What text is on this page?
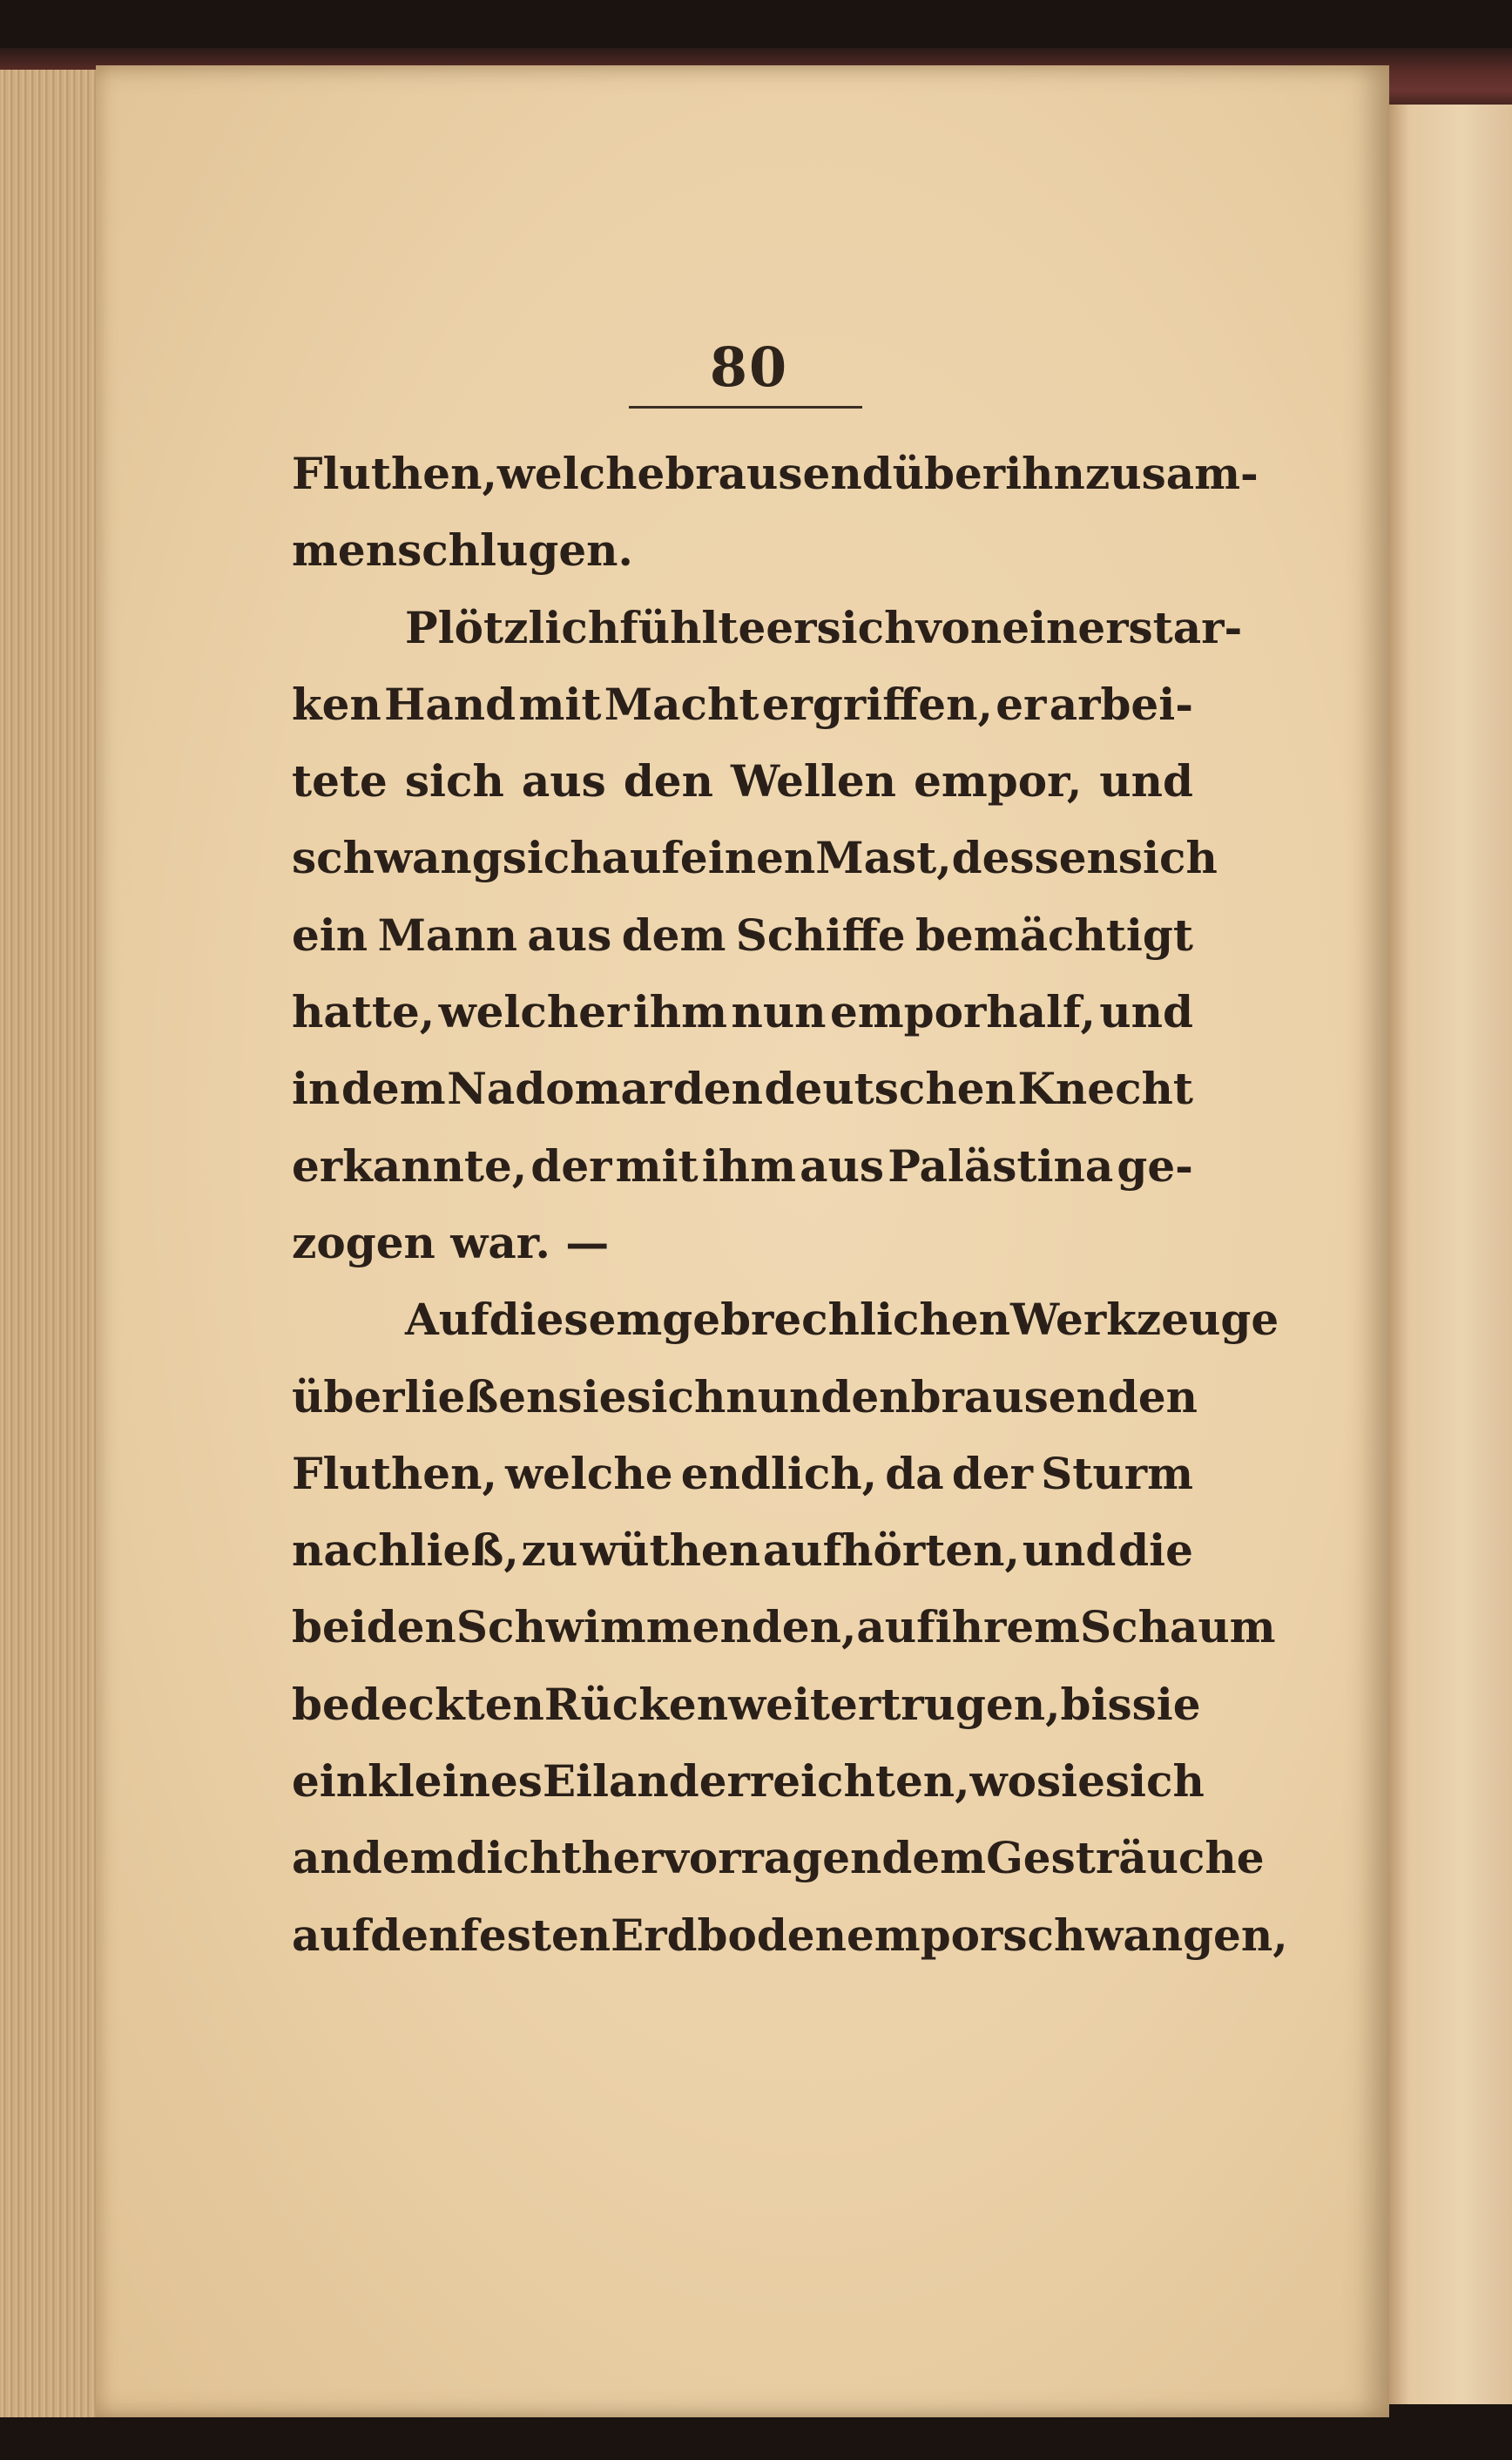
80
Fluthen, welche brausend über ihn zusam-
menschlugen.
Plötzlich fühlte er sich von einer star-
ken Hand mit Macht ergriffen, er arbei-
tete sich aus den Wellen empor, und
schwang sich auf einen Mast, dessen sich
ein Mann aus dem Schiffe bemächtigt
hatte, welcher ihm nun emporhalf, und
in dem Nadomar den deutschen Knecht
erkannte, der mit ihm aus Palästina ge-
zogen war. —
Auf diesem gebrechlichen Werkzeuge
überließen sie sich nun den brausenden
Fluthen, welche endlich, da der Sturm
nachließ, zu wüthen aufhörten, und die
beiden Schwimmenden, auf ihrem Schaum
bedeckten Rücken weiter trugen, bis sie
ein kleines Eiland erreichten, wo sie sich
an dem dicht hervorragendem Gesträuche
auf den festen Erdboden emporschwangen,
